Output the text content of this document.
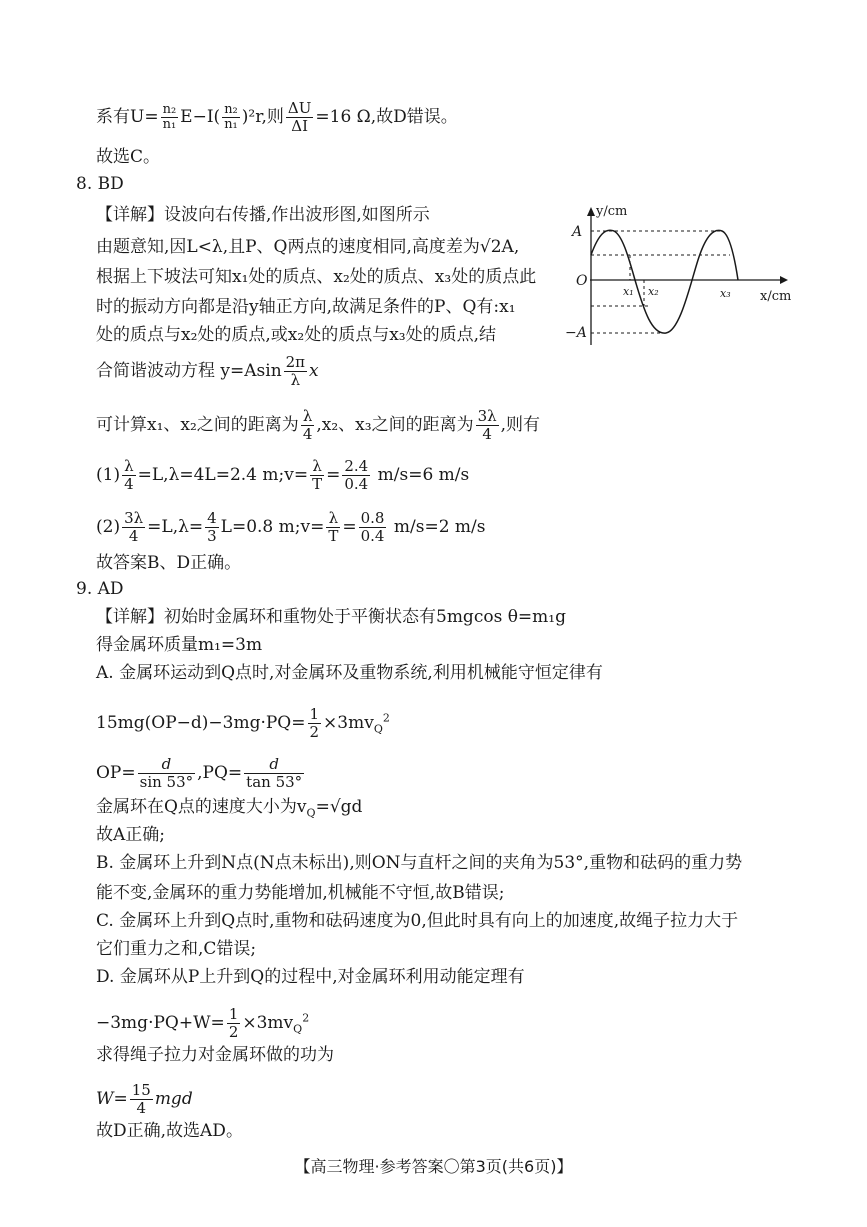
系有$U= \frac{\text{n₂}}{\text{n₁}} E-I( \frac{\text{n₂}}{\text{n₁}} )^2r$,则 $\frac{\Delta U}{\Delta I} =16$ Ω,故D错误。
故选C。
8. BD
【详解】设波向右传播,作出波形图,如图所示
由题意知,因L<λ,且P、Q两点的速度相同,高度差为√2A,
根据上下坡法可知x₁处的质点、x₂处的质点、x₃处的质点此
时的振动方向都是沿y轴正方向,故满足条件的P、Q有:x₁
处的质点与x₂处的质点,或x₂处的质点与x₃处的质点,结
合简谐波动方程 $y=Asin \frac{2\pi}{\lambda}$ x
可计算x₁、x₂之间的距离为 $\frac{\lambda}{4} ,x_2$、x₃之间的距离为 $\frac{3\lambda}{4}$ ,则有
$(1) \frac{\lambda}{4} =L,\lambda=4L=2.4$ m;v= $\frac{\lambda}{T} = \frac{2.4}{0.4} m/s=6$ m/s
$(2) \frac{3\lambda}{4} =L,\lambda= \frac{4}{3} L=0.8$ m;v= $\frac{\lambda}{T} = \frac{0.8}{0.4} m/s=2$ m/s
故答案B、D正确。
y/cm
x/cm
A
−A
O
x₁ x₂	x₃
9. AD
【详解】初始时金属环和重物处于平衡状态有5mgcos θ=m₁g
得金属环质量m₁=3m
A. 金属环运动到Q点时,对金属环及重物系统,利用机械能守恒定律有
$15mg(OP-d)-3mg\cdot PQ= \frac{1}{2} \times 3mv_Q^2$
$OP= \frac{d}{\sin 53^\circ} ,PQ= \frac{d}{\tan 53^\circ}$
金属环在Q点的速度大小为$v_Q=√gd$
故A正确;
B. 金属环上升到N点(N点未标出),则ON与直杆之间的夹角为53°,重物和砝码的重力势
能不变,金属环的重力势能增加,机械能不守恒,故B错误;
C. 金属环上升到Q点时,重物和砝码速度为0,但此时具有向上的加速度,故绳子拉力大于
它们重力之和,C错误;
D. 金属环从P上升到Q的过程中,对金属环利用动能定理有
$-3mg\cdot PQ+W= \frac{1}{2} \times 3mv_Q^2$
求得绳子拉力对金属环做的功为
$W= \frac{15}{4}$ mgd
故D正确,故选AD。
【高三物理·参考答案〇第3页(共6页)】
